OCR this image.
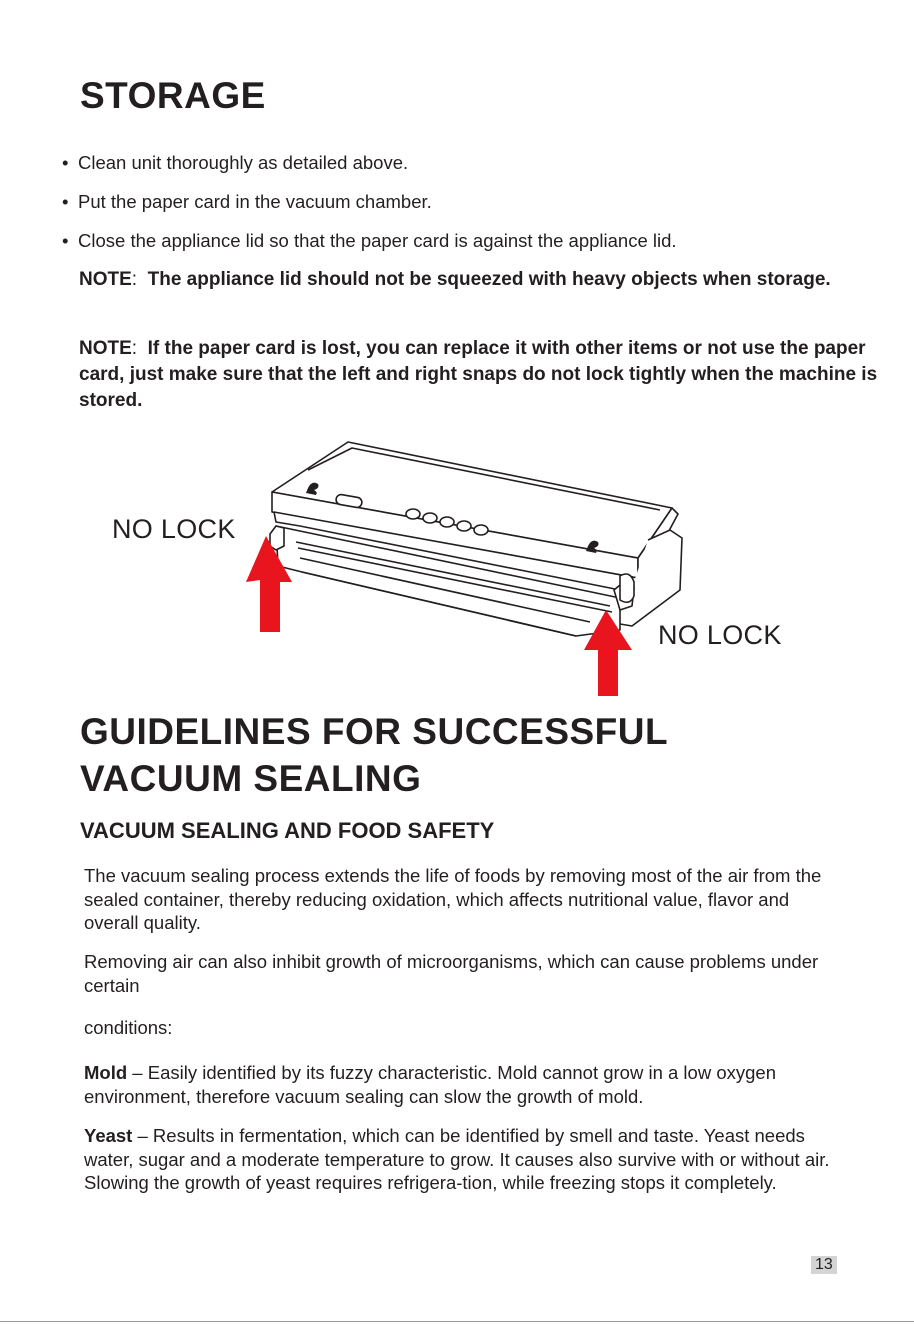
STORAGE
• Clean unit thoroughly as detailed above.
• Put the paper card in the vacuum chamber.
• Close the appliance lid so that the paper card is against the appliance lid.
NOTE: The appliance lid should not be squeezed with heavy objects when storage.
NOTE: If the paper card is lost, you can replace it with other items or not use the paper card, just make sure that the left and right snaps do not lock tightly when the machine is stored.
NO LOCK
NO LOCK
GUIDELINES FOR SUCCESSFUL
VACUUM SEALING
VACUUM SEALING AND FOOD SAFETY

The vacuum sealing process extends the life of foods by removing most of the air from the sealed container, thereby reducing oxidation, which affects nutritional value, flavor and overall quality.

Removing air can also inhibit growth of microorganisms, which can cause problems under certain

conditions:

Mold – Easily identified by its fuzzy characteristic. Mold cannot grow in a low oxygen environment, therefore vacuum sealing can slow the growth of mold.

Yeast – Results in fermentation, which can be identified by smell and taste. Yeast needs water, sugar and a moderate temperature to grow. It causes also survive with or without air. Slowing the growth of yeast requires refrigera-tion, while freezing stops it completely.

13
